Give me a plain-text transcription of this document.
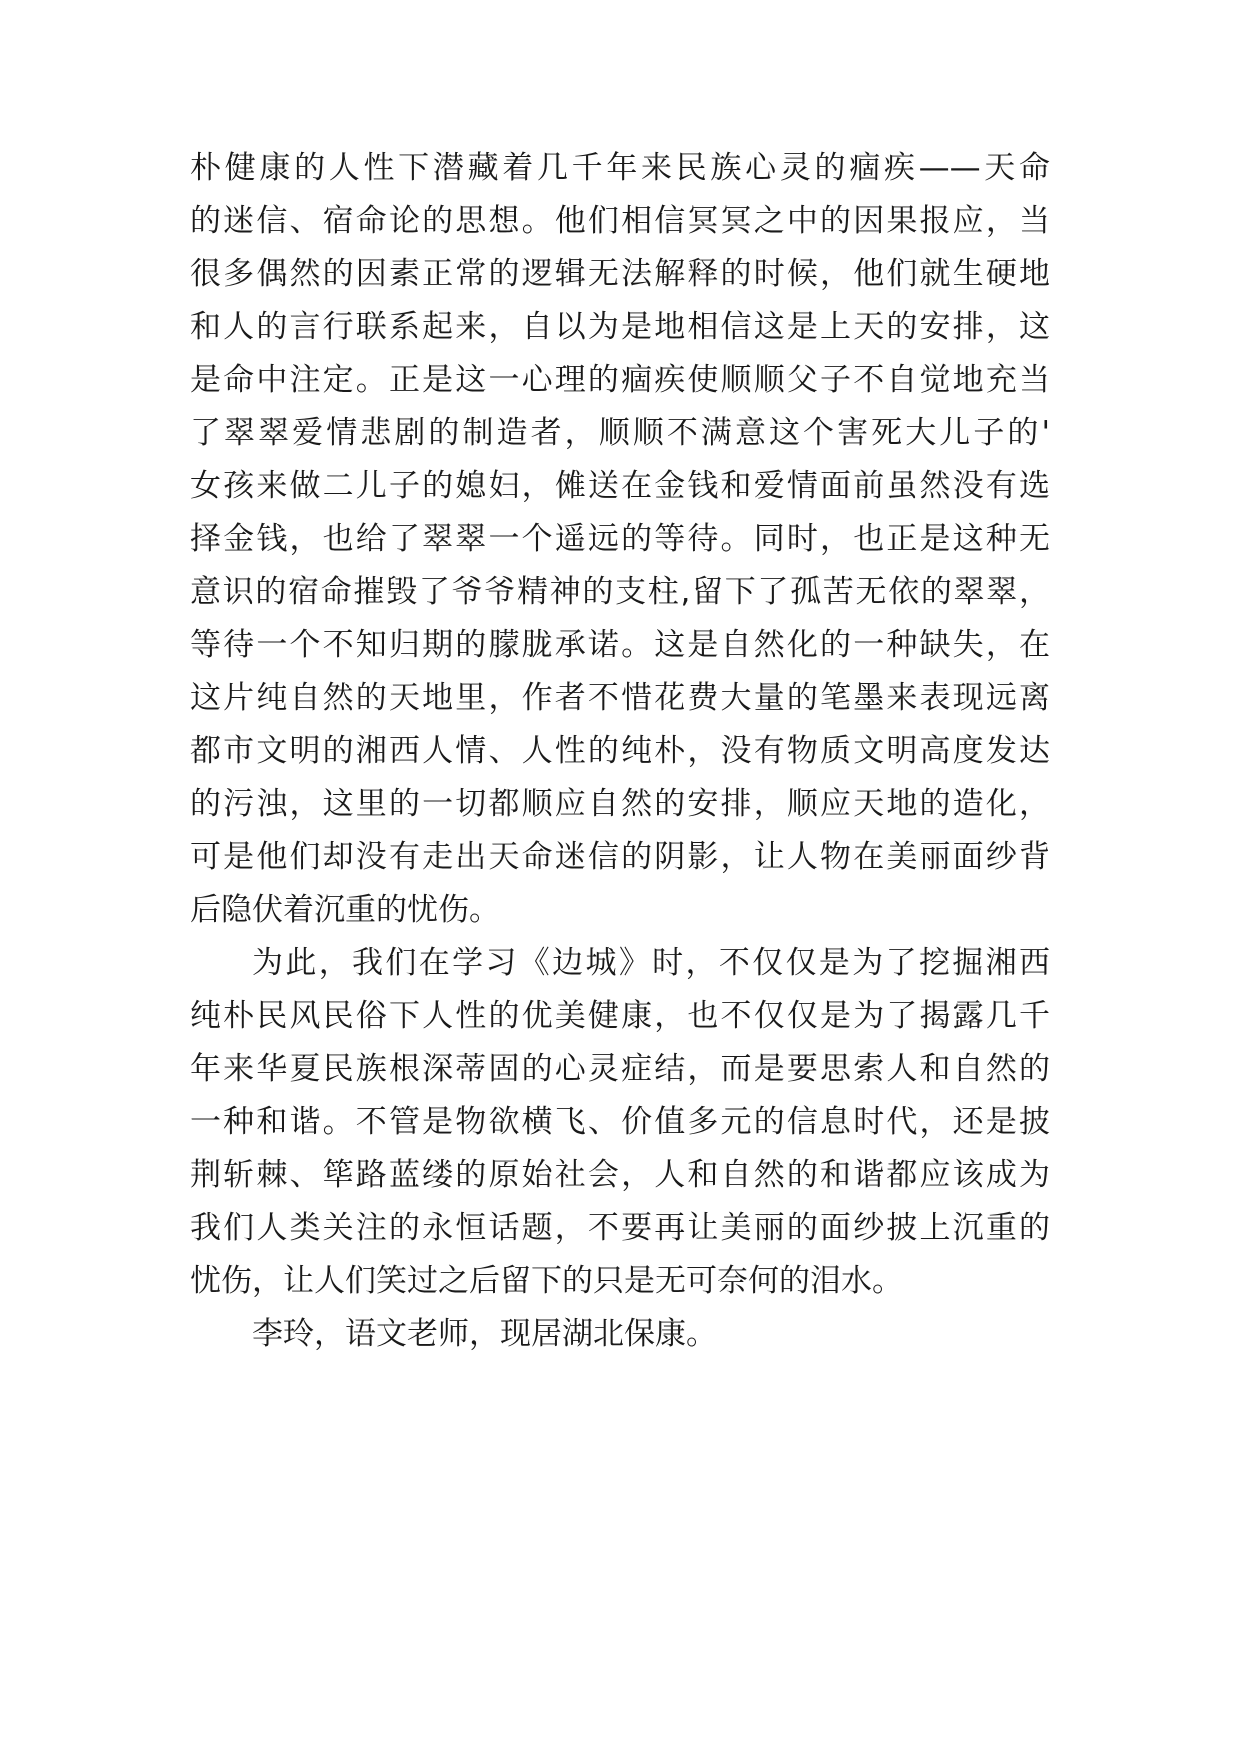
朴健康的人性下潜藏着几千年来民族心灵的痼疾——天命
的迷信、宿命论的思想。他们相信冥冥之中的因果报应，当
很多偶然的因素正常的逻辑无法解释的时候，他们就生硬地
和人的言行联系起来，自以为是地相信这是上天的安排，这
是命中注定。正是这一心理的痼疾使顺顺父子不自觉地充当
了翠翠爱情悲剧的制造者，顺顺不满意这个害死大儿子的'
女孩来做二儿子的媳妇，傩送在金钱和爱情面前虽然没有选
择金钱，也给了翠翠一个遥远的等待。同时，也正是这种无
意识的宿命摧毁了爷爷精神的支柱,留下了孤苦无依的翠翠，
等待一个不知归期的朦胧承诺。这是自然化的一种缺失，在
这片纯自然的天地里，作者不惜花费大量的笔墨来表现远离
都市文明的湘西人情、人性的纯朴，没有物质文明高度发达
的污浊，这里的一切都顺应自然的安排，顺应天地的造化，
可是他们却没有走出天命迷信的阴影，让人物在美丽面纱背
后隐伏着沉重的忧伤。
为此，我们在学习《边城》时，不仅仅是为了挖掘湘西
纯朴民风民俗下人性的优美健康，也不仅仅是为了揭露几千
年来华夏民族根深蒂固的心灵症结，而是要思索人和自然的
一种和谐。不管是物欲横飞、价值多元的信息时代，还是披
荆斩棘、筚路蓝缕的原始社会，人和自然的和谐都应该成为
我们人类关注的永恒话题，不要再让美丽的面纱披上沉重的
忧伤，让人们笑过之后留下的只是无可奈何的泪水。
李玲，语文老师，现居湖北保康。
